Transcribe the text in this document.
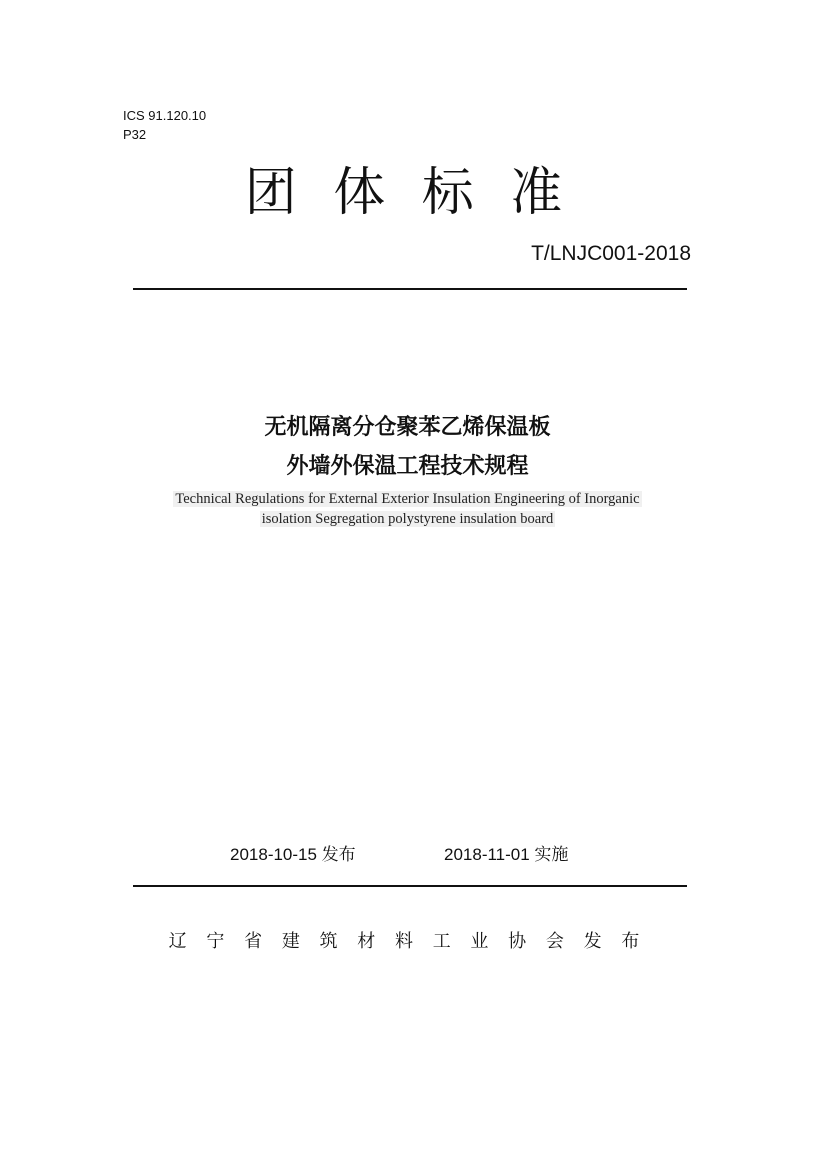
ICS 91.120.10
P32
团 体 标 准
T/LNJC001-2018
无机隔离分仓聚苯乙烯保温板
外墙外保温工程技术规程
Technical Regulations for External Exterior Insulation Engineering of Inorganic
isolation Segregation polystyrene insulation board
2018-10-15 发布	2018-11-01 实施
辽 宁 省 建 筑 材 料 工 业 协 会 发 布
